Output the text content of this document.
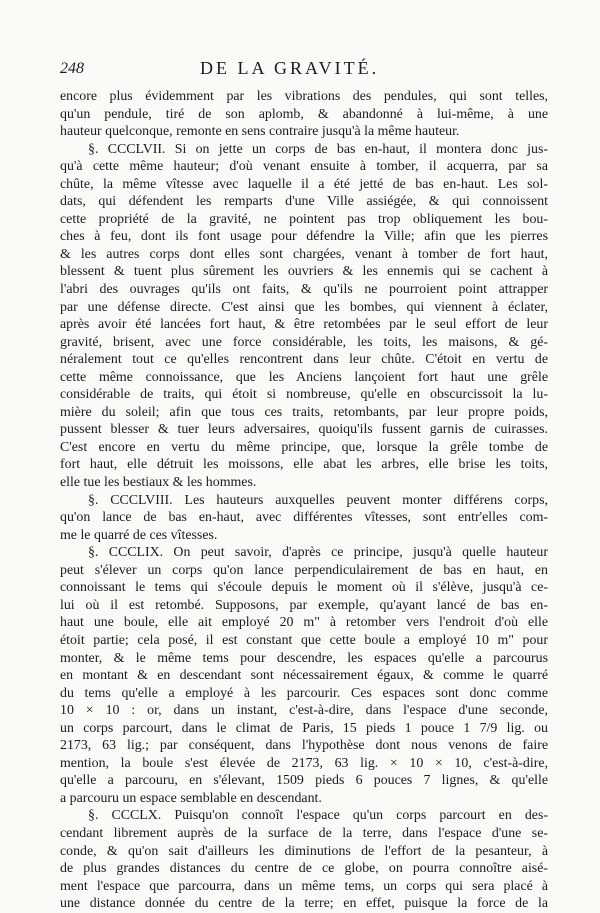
248	DE LA GRAVITÉ.
encore plus évidemment par les vibrations des pendules, qui sont telles,
qu'un pendule, tiré de son aplomb, & abandonné à lui-même, à une
hauteur quelconque, remonte en sens contraire jusqu'à la même hauteur.
§. CCCLVII. Si on jette un corps de bas en-haut, il montera donc jus-
qu'à cette même hauteur; d'où venant ensuite à tomber, il acquerra, par sa
chûte, la même vîtesse avec laquelle il a été jetté de bas en-haut. Les sol-
dats, qui défendent les remparts d'une Ville assiégée, & qui connoissent
cette propriété de la gravité, ne pointent pas trop obliquement les bou-
ches à feu, dont ils font usage pour défendre la Ville; afin que les pierres
& les autres corps dont elles sont chargées, venant à tomber de fort haut,
blessent & tuent plus sûrement les ouvriers & les ennemis qui se cachent à
l'abri des ouvrages qu'ils ont faits, & qu'ils ne pourroient point attrapper
par une défense directe. C'est ainsi que les bombes, qui viennent à éclater,
après avoir été lancées fort haut, & être retombées par le seul effort de leur
gravité, brisent, avec une force considérable, les toits, les maisons, & gé-
néralement tout ce qu'elles rencontrent dans leur chûte. C'étoit en vertu de
cette même connoissance, que les Anciens lançoient fort haut une grêle
considérable de traits, qui étoit si nombreuse, qu'elle en obscurcissoit la lu-
mière du soleil; afin que tous ces traits, retombants, par leur propre poids,
pussent blesser & tuer leurs adversaires, quoiqu'ils fussent garnis de cuirasses.
C'est encore en vertu du même principe, que, lorsque la grêle tombe de
fort haut, elle détruit les moissons, elle abat les arbres, elle brise les toits,
elle tue les bestiaux & les hommes.
§. CCCLVIII. Les hauteurs auxquelles peuvent monter différens corps,
qu'on lance de bas en-haut, avec différentes vîtesses, sont entr'elles com-
me le quarré de ces vîtesses.
§. CCCLIX. On peut savoir, d'après ce principe, jusqu'à quelle hauteur
peut s'élever un corps qu'on lance perpendiculairement de bas en haut, en
connoissant le tems qui s'écoule depuis le moment où il s'élève, jusqu'à ce-
lui où il est retombé. Supposons, par exemple, qu'ayant lancé de bas en-
haut une boule, elle ait employé 20 m" à retomber vers l'endroit d'où elle
étoit partie; cela posé, il est constant que cette boule a employé 10 m" pour
monter, & le même tems pour descendre, les espaces qu'elle a parcourus
en montant & en descendant sont nécessairement égaux, & comme le quarré
du tems qu'elle a employé à les parcourir. Ces espaces sont donc comme
10 × 10 : or, dans un instant, c'est-à-dire, dans l'espace d'une seconde,
un corps parcourt, dans le climat de Paris, 15 pieds 1 pouce 1 7/9 lig. ou
2173, 63 lig.; par conséquent, dans l'hypothèse dont nous venons de faire
mention, la boule s'est élevée de 2173, 63 lig. × 10 × 10, c'est-à-dire,
qu'elle a parcouru, en s'élevant, 1509 pieds 6 pouces 7 lignes, & qu'elle
a parcouru un espace semblable en descendant.
§. CCCLX. Puisqu'on connoît l'espace qu'un corps parcourt en des-
cendant librement auprès de la surface de la terre, dans l'espace d'une se-
conde, & qu'on sait d'ailleurs les diminutions de l'effort de la pesanteur, à
de plus grandes distances du centre de ce globe, on pourra connoître aisé-
ment l'espace que parcourra, dans un même tems, un corps qui sera placé à
une distance donnée du centre de la terre; en effet, puisque la force de la
